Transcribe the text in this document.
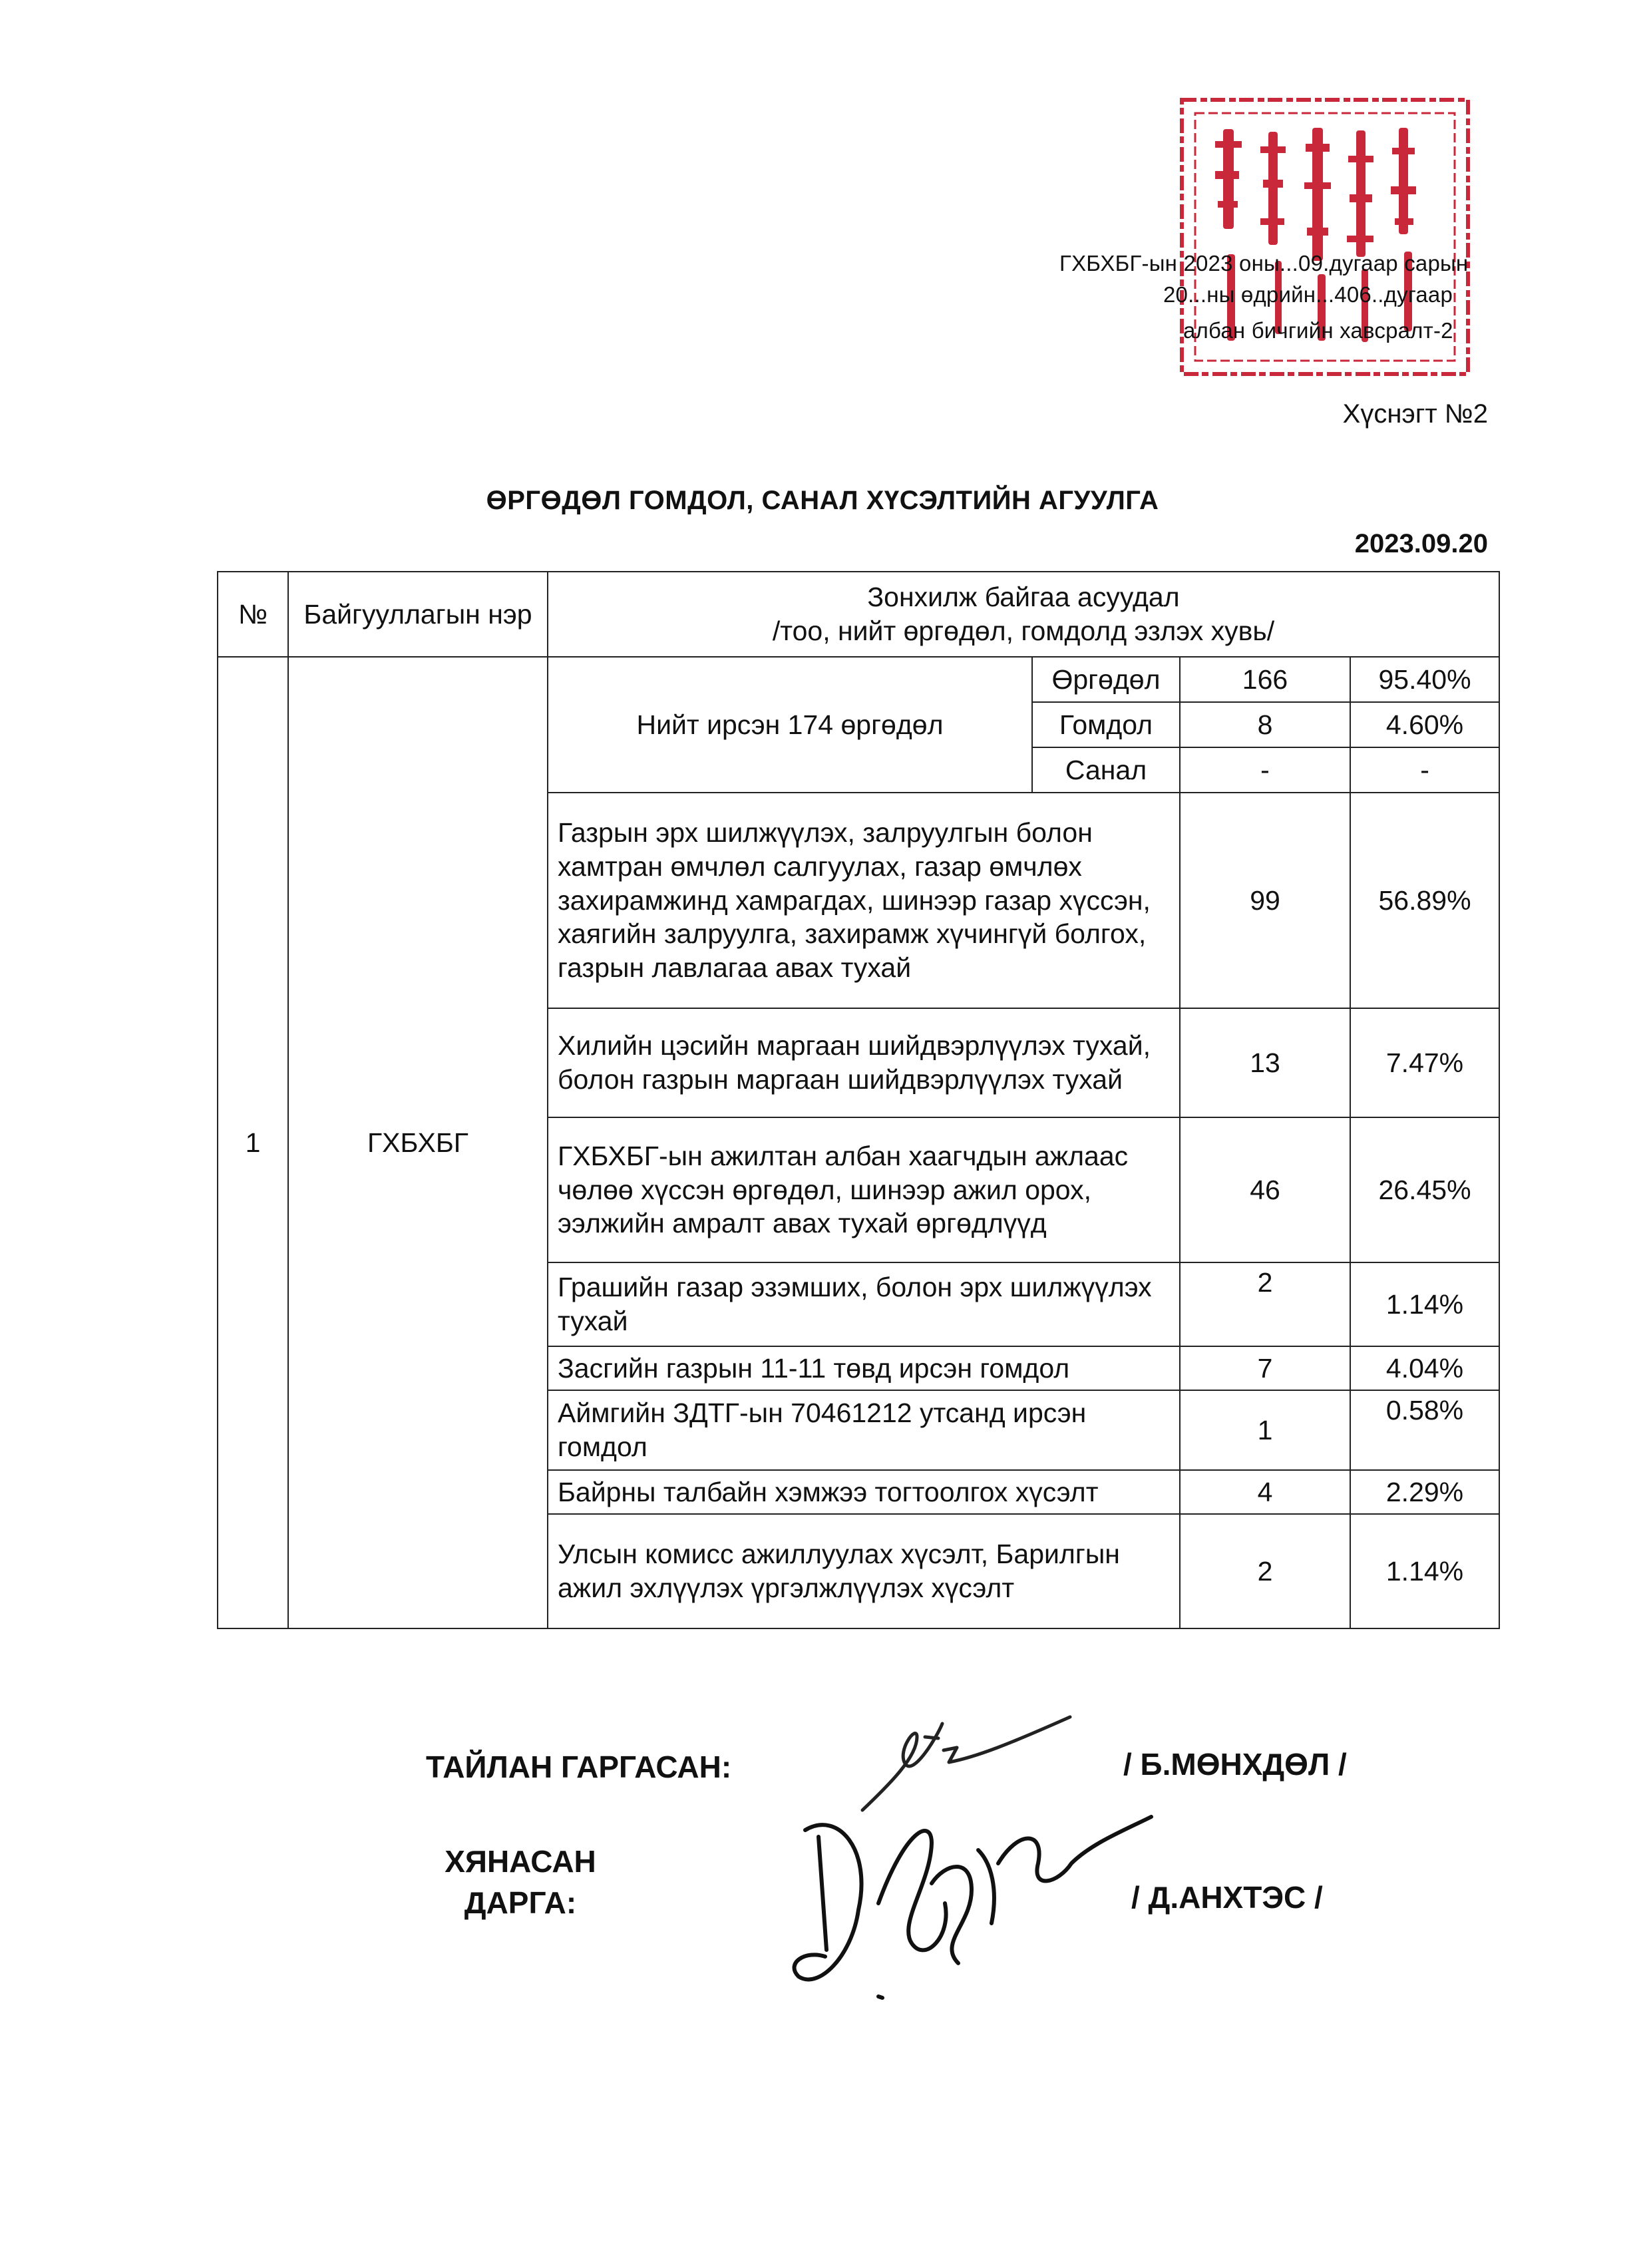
ГХБХБГ-ын 2023 оны...09.дугаар сарын
20...ны өдрийн...406..дугаар
албан бичгийн хавсралт-2
Хүснэгт №2
ӨРГӨДӨЛ ГОМДОЛ, САНАЛ ХҮСЭЛТИЙН АГУУЛГА
2023.09.20
№	Байгууллагын нэр	Зонхилж байгаа асуудал
/тоо, нийт өргөдөл, гомдолд эзлэх хувь/			

1	ГХБХБГ	Нийт ирсэн 174 өргөдөл	Өргөдөл	166	95.40%
			Гомдол	8	4.60%
			Санал	-	-
		Газрын эрх шилжүүлэх, залруулгын болон хамтран өмчлөл салгуулах, газар өмчлөх захирамжинд хамрагдах, шинээр газар хүссэн, хаягийн залруулга, захирамж хүчингүй болгох, газрын лавлагаа авах тухай		99	56.89%
		Хилийн цэсийн маргаан шийдвэрлүүлэх тухай, болон газрын маргаан шийдвэрлүүлэх тухай		13	7.47%
		ГХБХБГ-ын ажилтан албан хаагчдын ажлаас чөлөө хүссэн өргөдөл, шинээр ажил орох, ээлжийн амралт авах тухай өргөдлүүд		46	26.45%
		Грашийн газар эзэмших, болон эрх шилжүүлэх тухай		2	1.14%
		Засгийн газрын 11-11 төвд ирсэн гомдол		7	4.04%
		Аймгийн ЗДТГ-ын 70461212 утсанд ирсэн гомдол		1	0.58%
		Байрны талбайн хэмжээ тогтоолгох хүсэлт		4	2.29%
		Улсын комисс ажиллуулах хүсэлт, Барилгын ажил эхлүүлэх үргэлжлүүлэх хүсэлт		2	1.14%
ТАЙЛАН ГАРГАСАН:	/ Б.МӨНХДӨЛ /
ХЯНАСАН
ДАРГА:	/ Д.АНХТЭС /
